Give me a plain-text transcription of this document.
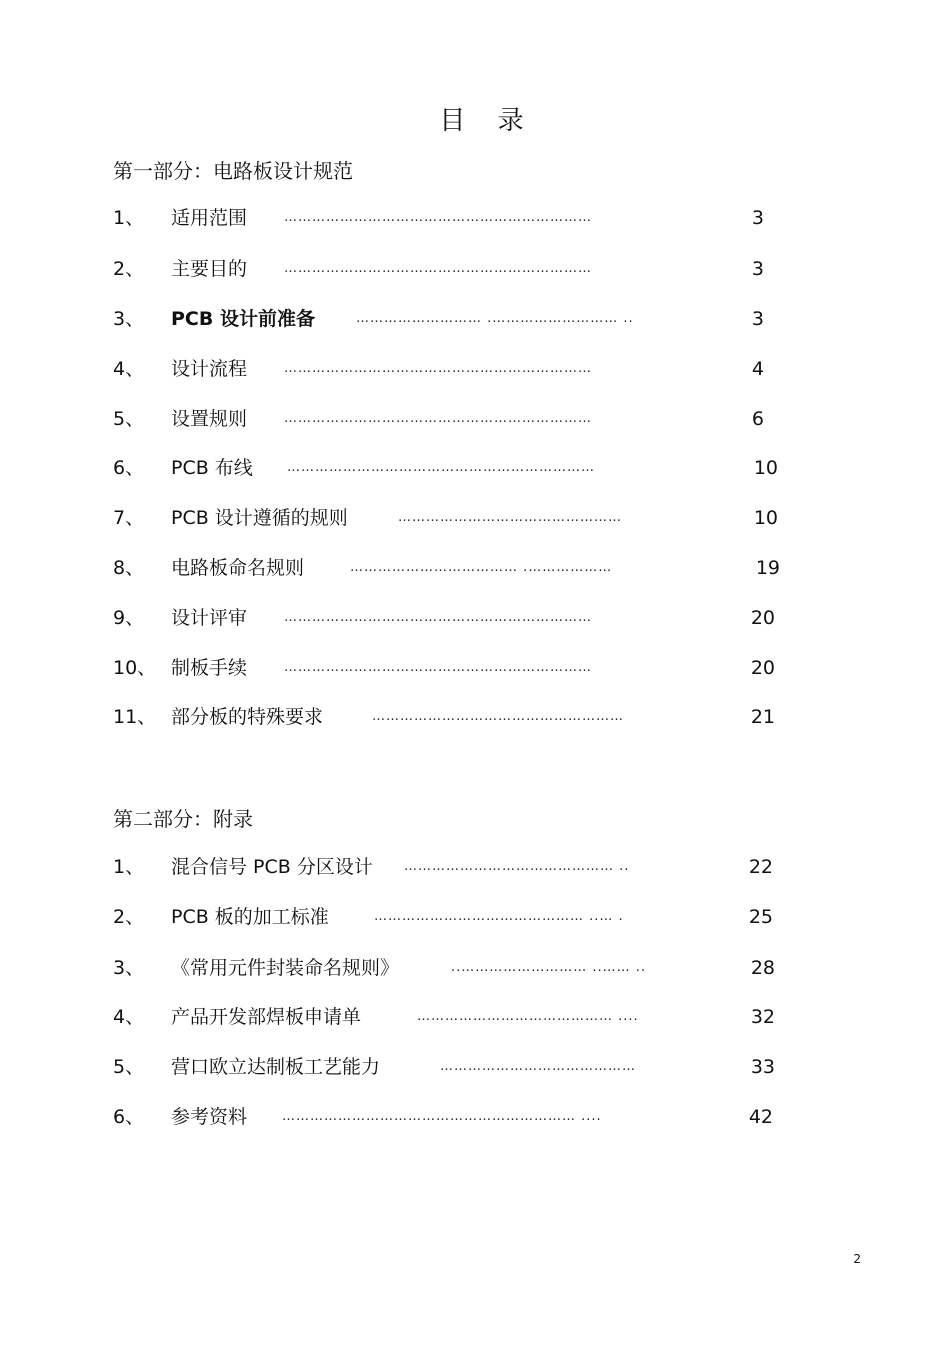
目 录
第一部分：电路板设计规范
1、 适用范围	…………………………………………………………	3
2、 主要目的	…………………………………………………………	3
3、 PCB 设计前准备	……………………… .……………………… ..	3
4、 设计流程	…………………………………………………………	4
5、 设置规则	…………………………………………………………	6
6、 PCB 布线	…………………………………………………………	10
7、 PCB 设计遵循的规则	…………………………………………	10
8、 电路板命名规则	……………………………… .………………	19
9、 设计评审	…………………………………………………………	20
10、 制板手续	…………………………………………………………	20
11、 部分板的特殊要求	………………………………………………	21
第二部分：附录
1、 混合信号 PCB 分区设计 ……………………………………… ..	22
2、 PCB 板的加工标准	……………………………………… ..… .	25
3、 《常用元件封装命名规则》	..……………………… ..…… ..	28
4、 产品开发部焊板申请单	…………………………………… ....	32
5、 营口欧立达制板工艺能力	……………………………………	33
6、 参考资料	……………………………………………………… ....	42
2
